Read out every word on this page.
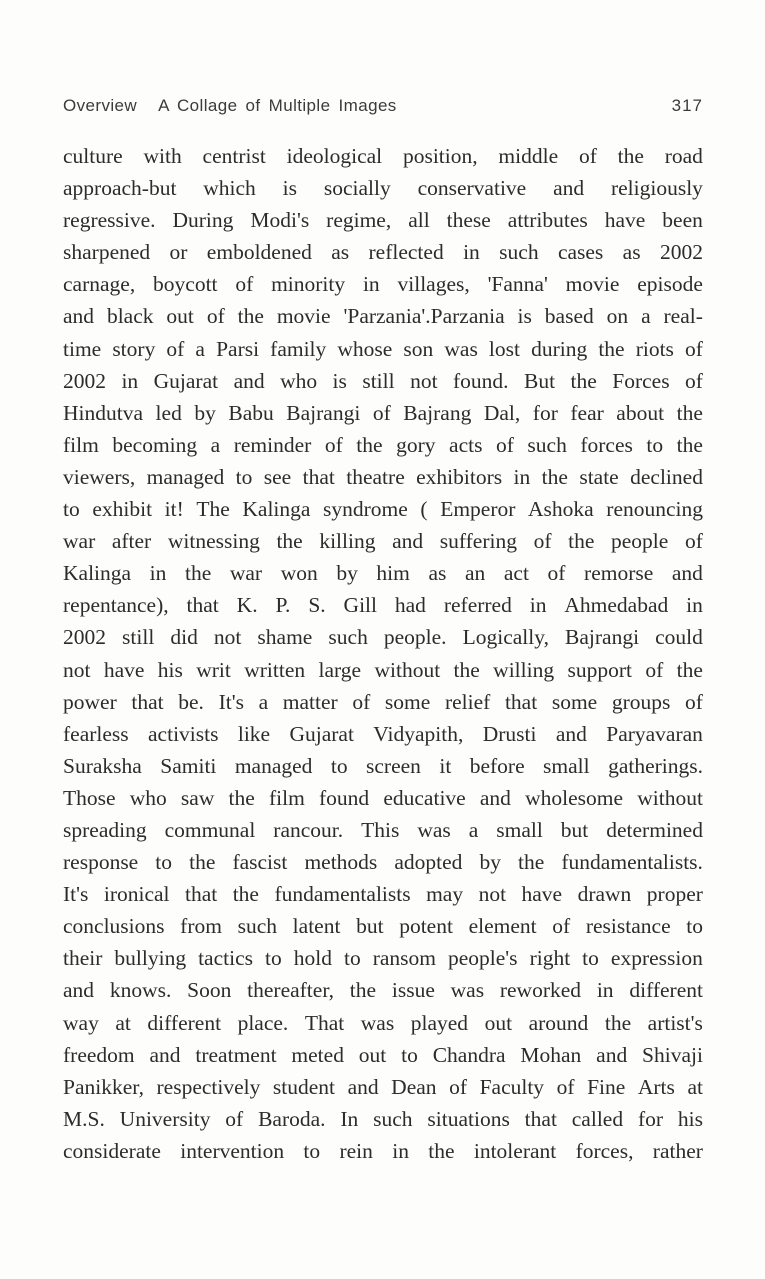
Overview A Collage of Multiple Images	317
culture with centrist ideological position, middle of the road
approach-but which is socially conservative and religiously
regressive. During Modi's regime, all these attributes have been
sharpened or emboldened as reflected in such cases as 2002
carnage, boycott of minority in villages, 'Fanna' movie episode
and black out of the movie 'Parzania'.Parzania is based on a real-
time story of a Parsi family whose son was lost during the riots of
2002 in Gujarat and who is still not found. But the Forces of
Hindutva led by Babu Bajrangi of Bajrang Dal, for fear about the
film becoming a reminder of the gory acts of such forces to the
viewers, managed to see that theatre exhibitors in the state declined
to exhibit it! The Kalinga syndrome ( Emperor Ashoka renouncing
war after witnessing the killing and suffering of the people of
Kalinga in the war won by him as an act of remorse and
repentance), that K. P. S. Gill had referred in Ahmedabad in
2002 still did not shame such people. Logically, Bajrangi could
not have his writ written large without the willing support of the
power that be. It's a matter of some relief that some groups of
fearless activists like Gujarat Vidyapith, Drusti and Paryavaran
Suraksha Samiti managed to screen it before small gatherings.
Those who saw the film found educative and wholesome without
spreading communal rancour. This was a small but determined
response to the fascist methods adopted by the fundamentalists.
It's ironical that the fundamentalists may not have drawn proper
conclusions from such latent but potent element of resistance to
their bullying tactics to hold to ransom people's right to expression
and knows. Soon thereafter, the issue was reworked in different
way at different place. That was played out around the artist's
freedom and treatment meted out to Chandra Mohan and Shivaji
Panikker, respectively student and Dean of Faculty of Fine Arts at
M.S. University of Baroda. In such situations that called for his
considerate intervention to rein in the intolerant forces, rather
